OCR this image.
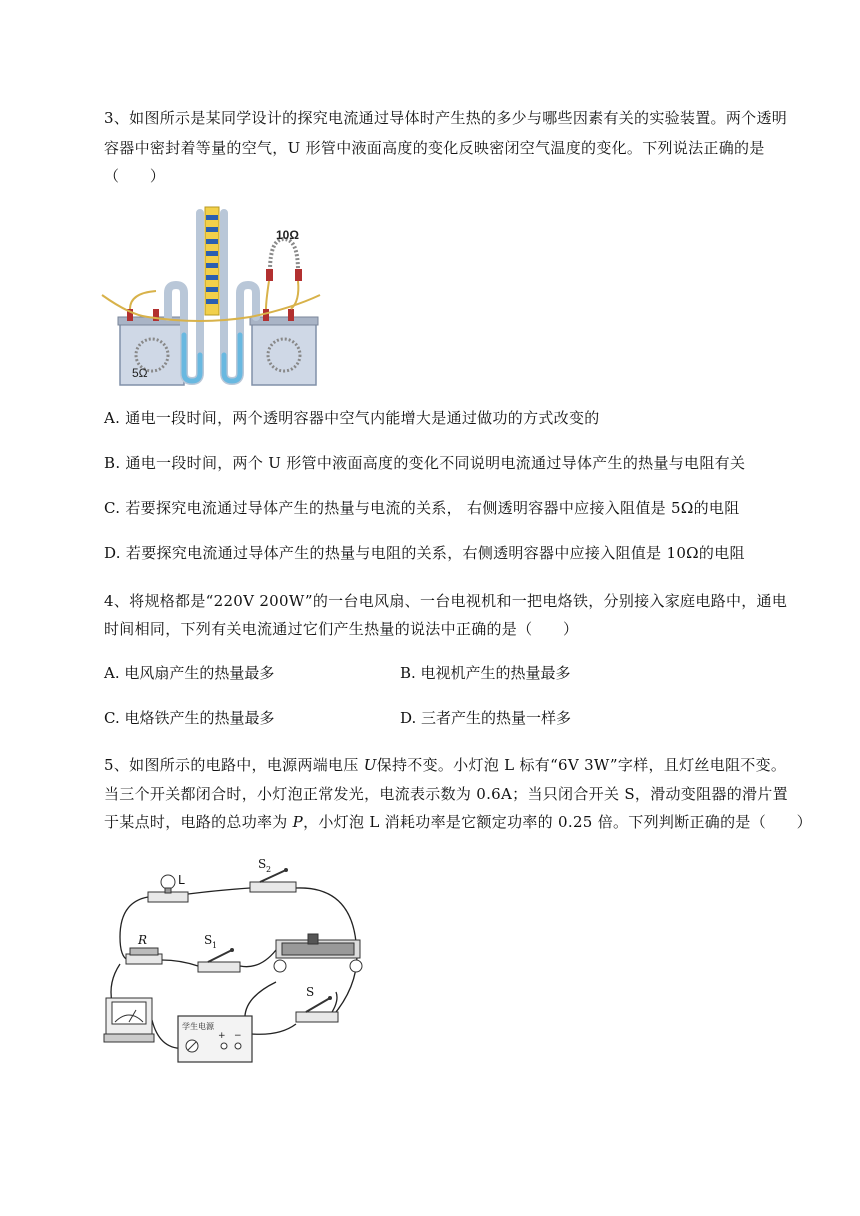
3、如图所示是某同学设计的探究电流通过导体时产生热的多少与哪些因素有关的实验装置。两个透明
容器中密封着等量的空气，U 形管中液面高度的变化反映密闭空气温度的变化。下列说法正确的是
（　　）
10Ω
5Ω
A. 通电一段时间，两个透明容器中空气内能增大是通过做功的方式改变的
B. 通电一段时间，两个 U 形管中液面高度的变化不同说明电流通过导体产生的热量与电阻有关
C. 若要探究电流通过导体产生的热量与电流的关系， 右侧透明容器中应接入阻值是 5Ω的电阻
D. 若要探究电流通过导体产生的热量与电阻的关系，右侧透明容器中应接入阻值是 10Ω的电阻
4、将规格都是“220V 200W”的一台电风扇、一台电视机和一把电烙铁，分别接入家庭电路中，通电
时间相同，下列有关电流通过它们产生热量的说法中正确的是（　　）
A. 电风扇产生的热量最多	B. 电视机产生的热量最多
C. 电烙铁产生的热量最多	D. 三者产生的热量一样多
5、如图所示的电路中，电源两端电压 U保持不变。小灯泡 L 标有“6V 3W”字样，且灯丝电阻不变。
当三个开关都闭合时，小灯泡正常发光，电流表示数为 0.6A；当只闭合开关 S，滑动变阻器的滑片置
于某点时，电路的总功率为 P，小灯泡 L 消耗功率是它额定功率的 0.25 倍。下列判断正确的是（　　）
+ −
学生电源
L
S 2
R	S 1
S
